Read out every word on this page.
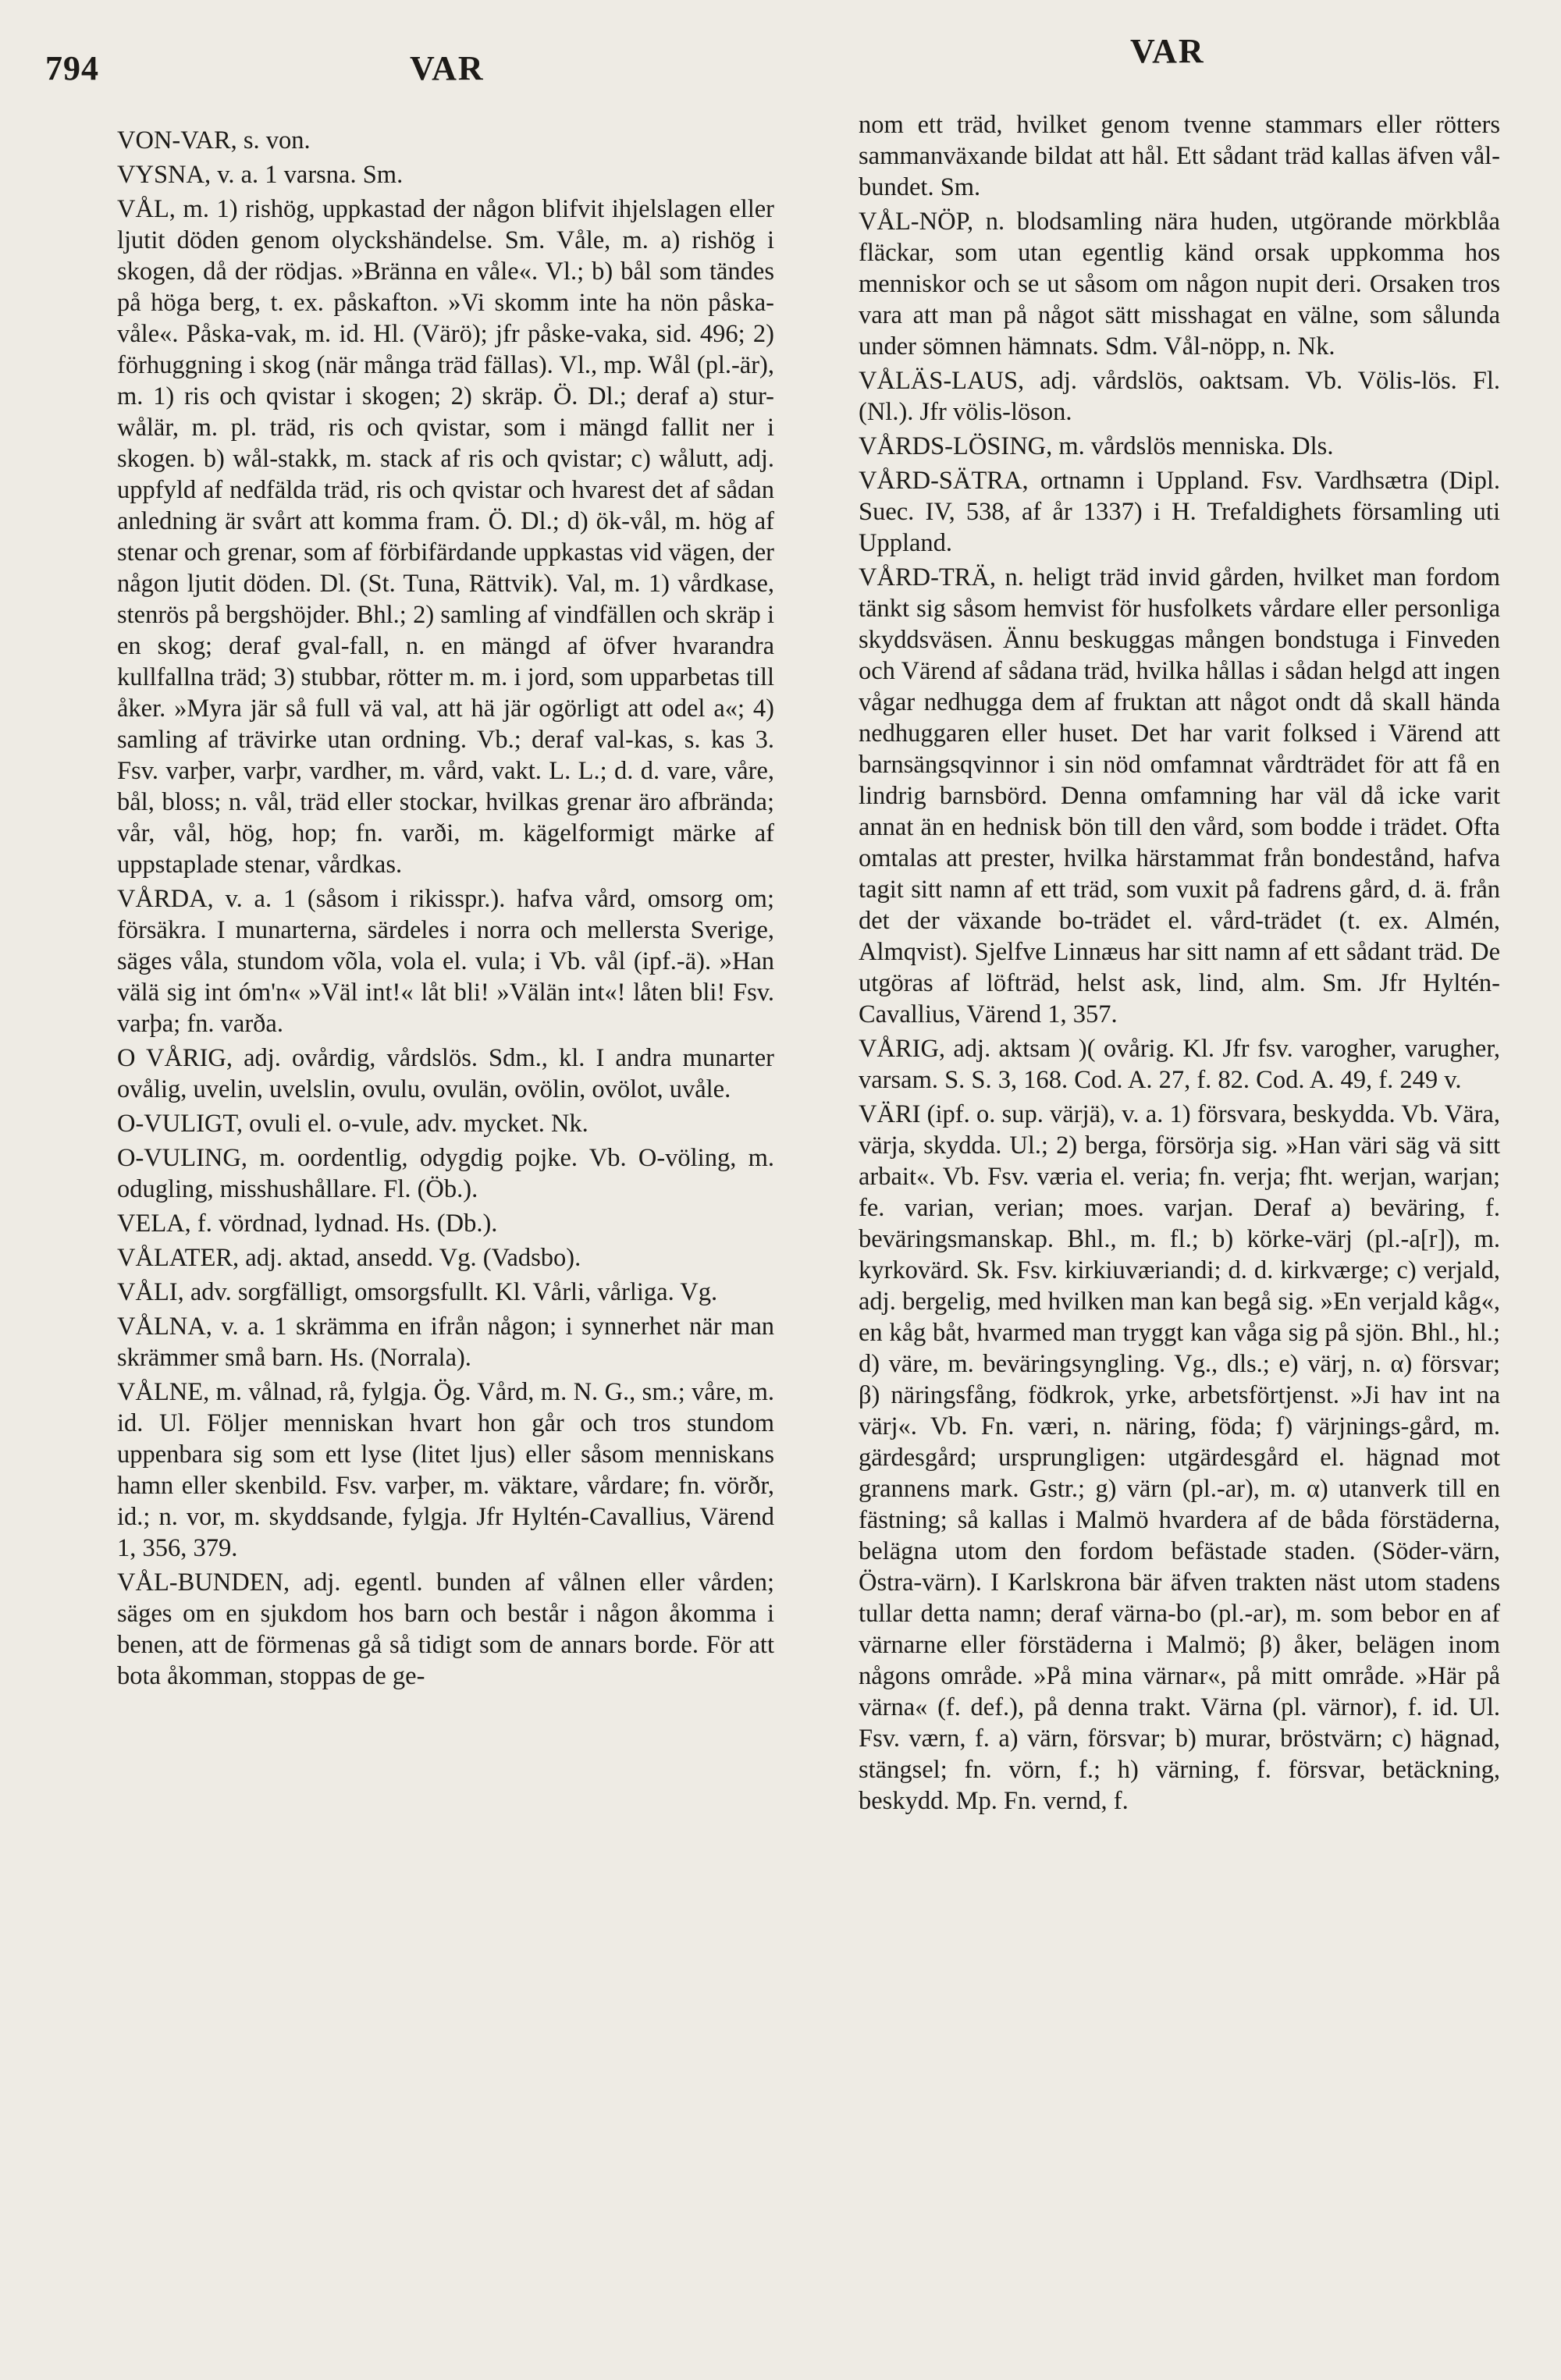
794	VAR	VAR

VON-VAR, s. von.

VYSNA, v. a. 1 varsna. Sm.

VÅL, m. 1) rishög, uppkastad der någon blifvit ihjelslagen eller ljutit döden genom olyckshändelse. Sm. Våle, m. a) rishög i skogen, då der rödjas. »Bränna en våle«. Vl.; b) bål som tändes på höga berg, t. ex. påskafton. »Vi skomm inte ha nön påska-våle«. Påska-vak, m. id. Hl. (Värö); jfr påske-vaka, sid. 496; 2) förhuggning i skog (när många träd fällas). Vl., mp. Wål (pl.-är), m. 1) ris och qvistar i skogen; 2) skräp. Ö. Dl.; deraf a) stur-wålär, m. pl. träd, ris och qvistar, som i mängd fallit ner i skogen. b) wål-stakk, m. stack af ris och qvistar; c) wålutt, adj. uppfyld af nedfälda träd, ris och qvistar och hvarest det af sådan anledning är svårt att komma fram. Ö. Dl.; d) ök-vål, m. hög af stenar och grenar, som af förbifärdande uppkastas vid vägen, der någon ljutit döden. Dl. (St. Tuna, Rättvik). Val, m. 1) vårdkase, stenrös på bergshöjder. Bhl.; 2) samling af vindfällen och skräp i en skog; deraf gval-fall, n. en mängd af öfver hvarandra kullfallna träd; 3) stubbar, rötter m. m. i jord, som upparbetas till åker. »Myra jär så full vä val, att hä jär ogörligt att odel a«; 4) samling af trävirke utan ordning. Vb.; deraf val-kas, s. kas 3. Fsv. varþer, varþr, vardher, m. vård, vakt. L. L.; d. d. vare, våre, bål, bloss; n. vål, träd eller stockar, hvilkas grenar äro afbrända; vår, vål, hög, hop; fn. varði, m. kägelformigt märke af uppstaplade stenar, vårdkas.

VÅRDA, v. a. 1 (såsom i rikisspr.). hafva vård, omsorg om; försäkra. I munarterna, särdeles i norra och mellersta Sverige, säges våla, stundom võla, vola el. vula; i Vb. vål (ipf.-ä). »Han välä sig int óm'n« »Väl int!« låt bli! »Välän int«! låten bli! Fsv. varþa; fn. varða.

O VÅRIG, adj. ovårdig, vårdslös. Sdm., kl. I andra munarter ovålig, uvelin, uvelslin, ovulu, ovulän, ovölin, ovölot, uvåle.

O-VULIGT, ovuli el. o-vule, adv. mycket. Nk.

O-VULING, m. oordentlig, odygdig pojke. Vb. O-völing, m. odugling, misshushållare. Fl. (Öb.).

VELA, f. vördnad, lydnad. Hs. (Db.).

VÅLATER, adj. aktad, ansedd. Vg. (Vadsbo).

VÅLI, adv. sorgfälligt, omsorgsfullt. Kl. Vårli, vårliga. Vg.

VÅLNA, v. a. 1 skrämma en ifrån någon; i synnerhet när man skrämmer små barn. Hs. (Norrala).

VÅLNE, m. vålnad, rå, fylgja. Ög. Vård, m. N. G., sm.; våre, m. id. Ul. Följer menniskan hvart hon går och tros stundom uppenbara sig som ett lyse (litet ljus) eller såsom menniskans hamn eller skenbild. Fsv. varþer, m. väktare, vårdare; fn. vörðr, id.; n. vor, m. skyddsande, fylgja. Jfr Hyltén-Cavallius, Värend 1, 356, 379.

VÅL-BUNDEN, adj. egentl. bunden af vålnen eller vården; säges om en sjukdom hos barn och består i någon åkomma i benen, att de förmenas gå så tidigt som de annars borde. För att bota åkomman, stoppas de ge-

nom ett träd, hvilket genom tvenne stammars eller rötters sammanväxande bildat att hål. Ett sådant träd kallas äfven vål-bundet. Sm.

VÅL-NÖP, n. blodsamling nära huden, utgörande mörkblåa fläckar, som utan egentlig känd orsak uppkomma hos menniskor och se ut såsom om någon nupit deri. Orsaken tros vara att man på något sätt misshagat en välne, som sålunda under sömnen hämnats. Sdm. Vål-nöpp, n. Nk.

VÅLÄS-LAUS, adj. vårdslös, oaktsam. Vb. Völis-lös. Fl. (Nl.). Jfr völis-löson.

VÅRDS-LÖSING, m. vårdslös menniska. Dls.

VÅRD-SÄTRA, ortnamn i Uppland. Fsv. Vardhsætra (Dipl. Suec. IV, 538, af år 1337) i H. Trefaldighets församling uti Uppland.

VÅRD-TRÄ, n. heligt träd invid gården, hvilket man fordom tänkt sig såsom hemvist för husfolkets vårdare eller personliga skyddsväsen. Ännu beskuggas mången bondstuga i Finveden och Värend af sådana träd, hvilka hållas i sådan helgd att ingen vågar nedhugga dem af fruktan att något ondt då skall hända nedhuggaren eller huset. Det har varit folksed i Värend att barnsängsqvinnor i sin nöd omfamnat vårdträdet för att få en lindrig barnsbörd. Denna omfamning har väl då icke varit annat än en hednisk bön till den vård, som bodde i trädet. Ofta omtalas att prester, hvilka härstammat från bondestånd, hafva tagit sitt namn af ett träd, som vuxit på fadrens gård, d. ä. från det der växande bo-trädet el. vård-trädet (t. ex. Almén, Almqvist). Sjelfve Linnæus har sitt namn af ett sådant träd. De utgöras af löfträd, helst ask, lind, alm. Sm. Jfr Hyltén-Cavallius, Värend 1, 357.

VÅRIG, adj. aktsam )( ovårig. Kl. Jfr fsv. varogher, varugher, varsam. S. S. 3, 168. Cod. A. 27, f. 82. Cod. A. 49, f. 249 v.

VÄRI (ipf. o. sup. värjä), v. a. 1) försvara, beskydda. Vb. Vära, värja, skydda. Ul.; 2) berga, försörja sig. »Han väri säg vä sitt arbait«. Vb. Fsv. væria el. veria; fn. verja; fht. werjan, warjan; fe. varian, verian; moes. varjan. Deraf a) beväring, f. beväringsmanskap. Bhl., m. fl.; b) körke-värj (pl.-a[r]), m. kyrkovärd. Sk. Fsv. kirkiuværiandi; d. d. kirkværge; c) verjald, adj. bergelig, med hvilken man kan begå sig. »En verjald kåg«, en kåg båt, hvarmed man tryggt kan våga sig på sjön. Bhl., hl.; d) väre, m. beväringsyngling. Vg., dls.; e) värj, n. α) försvar; β) näringsfång, födkrok, yrke, arbetsförtjenst. »Ji hav int na värj«. Vb. Fn. væri, n. näring, föda; f) värjnings-gård, m. gärdesgård; ursprungligen: utgärdesgård el. hägnad mot grannens mark. Gstr.; g) värn (pl.-ar), m. α) utanverk till en fästning; så kallas i Malmö hvardera af de båda förstäderna, belägna utom den fordom befästade staden. (Söder-värn, Östra-värn). I Karlskrona bär äfven trakten näst utom stadens tullar detta namn; deraf värna-bo (pl.-ar), m. som bebor en af värnarne eller förstäderna i Malmö; β) åker, belägen inom någons område. »På mina värnar«, på mitt område. »Här på värna« (f. def.), på denna trakt. Värna (pl. värnor), f. id. Ul. Fsv. værn, f. a) värn, försvar; b) murar, bröstvärn; c) hägnad, stängsel; fn. vörn, f.; h) värning, f. försvar, betäckning, beskydd. Mp. Fn. vernd, f.
